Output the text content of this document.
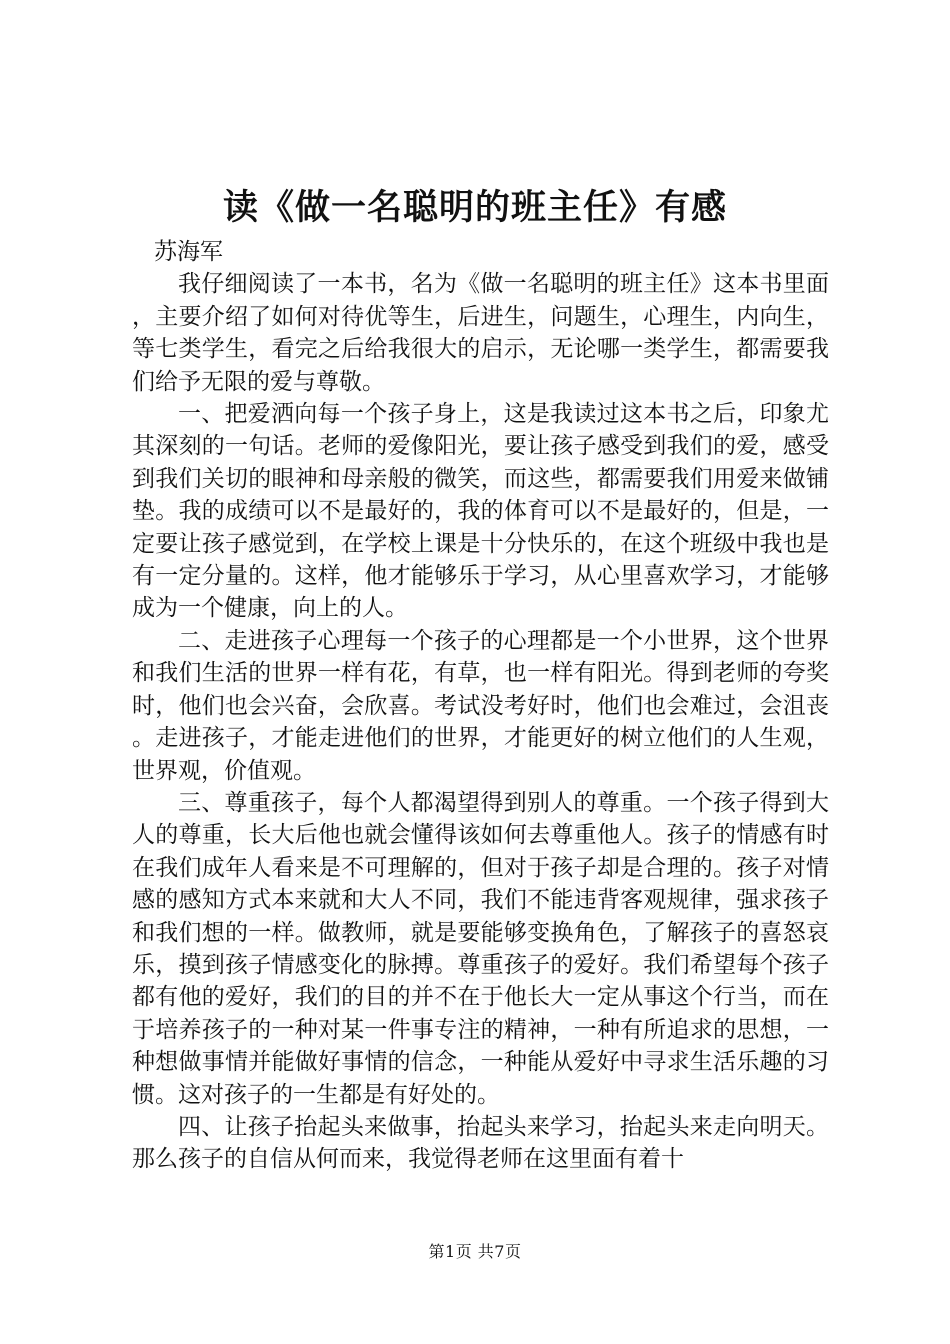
读《做一名聪明的班主任》有感

苏海军

我仔细阅读了一本书，名为《做一名聪明的班主任》这本书里面，主要介绍了如何对待优等生，后进生，问题生，心理生，内向生，等七类学生，看完之后给我很大的启示，无论哪一类学生，都需要我们给予无限的爱与尊敬。

一、把爱洒向每一个孩子身上，这是我读过这本书之后，印象尤其深刻的一句话。老师的爱像阳光，要让孩子感受到我们的爱，感受到我们关切的眼神和母亲般的微笑，而这些，都需要我们用爱来做铺垫。我的成绩可以不是最好的，我的体育可以不是最好的，但是，一定要让孩子感觉到，在学校上课是十分快乐的，在这个班级中我也是有一定分量的。这样，他才能够乐于学习，从心里喜欢学习，才能够成为一个健康，向上的人。

二、走进孩子心理每一个孩子的心理都是一个小世界，这个世界和我们生活的世界一样有花，有草，也一样有阳光。得到老师的夸奖时，他们也会兴奋，会欣喜。考试没考好时，他们也会难过，会沮丧。走进孩子，才能走进他们的世界，才能更好的树立他们的人生观，世界观，价值观。

三、尊重孩子，每个人都渴望得到别人的尊重。一个孩子得到大人的尊重，长大后他也就会懂得该如何去尊重他人。孩子的情感有时在我们成年人看来是不可理解的，但对于孩子却是合理的。孩子对情感的感知方式本来就和大人不同，我们不能违背客观规律，强求孩子和我们想的一样。做教师，就是要能够变换角色，了解孩子的喜怒哀乐，摸到孩子情感变化的脉搏。尊重孩子的爱好。我们希望每个孩子都有他的爱好，我们的目的并不在于他长大一定从事这个行当，而在于培养孩子的一种对某一件事专注的精神，一种有所追求的思想，一种想做事情并能做好事情的信念，一种能从爱好中寻求生活乐趣的习惯。这对孩子的一生都是有好处的。

四、让孩子抬起头来做事，抬起头来学习，抬起头来走向明天。那么孩子的自信从何而来，我觉得老师在这里面有着十

第1页 共7页
